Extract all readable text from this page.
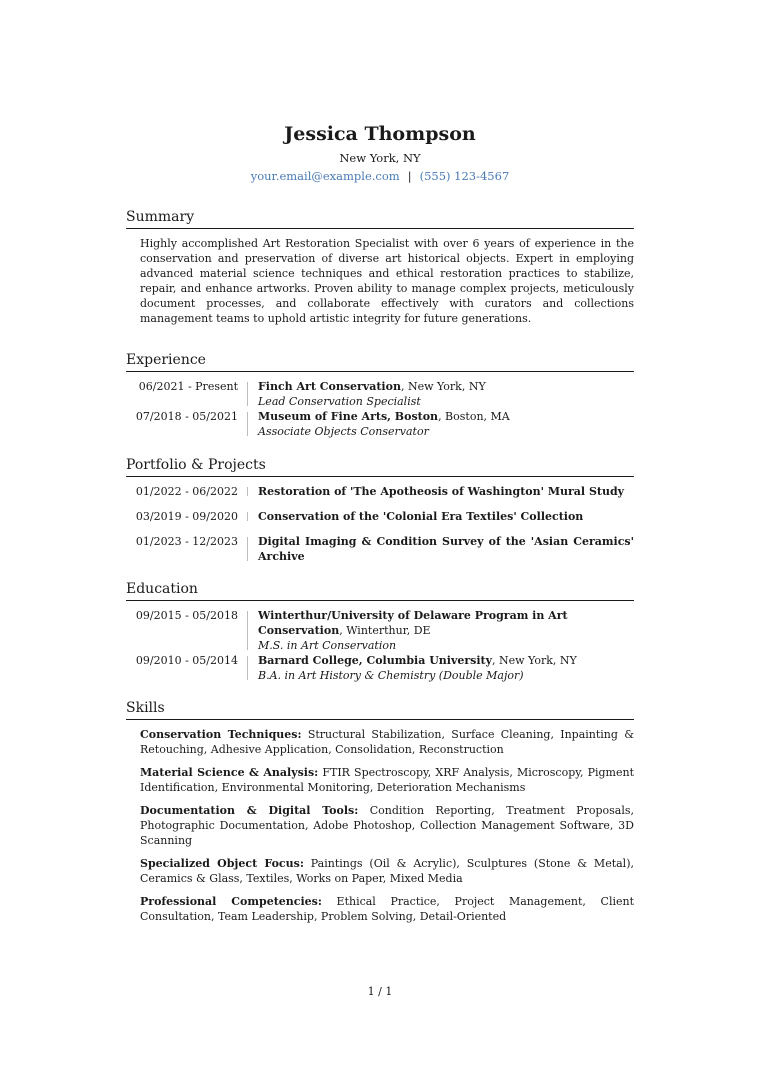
Jessica Thompson
New York, NY
your.email@example.com | (555) 123-4567
Summary
Highly accomplished Art Restoration Specialist with over 6 years of experience in the conservation and preservation of diverse art historical objects. Expert in employing advanced material science techniques and ethical restoration practices to stabilize, repair, and enhance artworks. Proven ability to manage complex projects, meticulously document processes, and collaborate effectively with curators and collections management teams to uphold artistic integrity for future generations.
Experience
06/2021 - Present	Finch Art Conservation, New York, NY
Lead Conservation Specialist
07/2018 - 05/2021	Museum of Fine Arts, Boston, Boston, MA
Associate Objects Conservator
Portfolio & Projects
01/2022 - 06/2022	Restoration of 'The Apotheosis of Washington' Mural Study
03/2019 - 09/2020	Conservation of the 'Colonial Era Textiles' Collection
01/2023 - 12/2023	Digital Imaging & Condition Survey of the 'Asian Ceramics' Archive
Education
09/2015 - 05/2018	Winterthur/University of Delaware Program in Art Conservation, Winterthur, DE
M.S. in Art Conservation
09/2010 - 05/2014	Barnard College, Columbia University, New York, NY
B.A. in Art History & Chemistry (Double Major)
Skills
Conservation Techniques: Structural Stabilization, Surface Cleaning, Inpainting & Retouching, Adhesive Application, Consolidation, Reconstruction
Material Science & Analysis: FTIR Spectroscopy, XRF Analysis, Microscopy, Pigment Identification, Environmental Monitoring, Deterioration Mechanisms
Documentation & Digital Tools: Condition Reporting, Treatment Proposals, Photographic Documentation, Adobe Photoshop, Collection Management Software, 3D Scanning
Specialized Object Focus: Paintings (Oil & Acrylic), Sculptures (Stone & Metal), Ceramics & Glass, Textiles, Works on Paper, Mixed Media
Professional Competencies: Ethical Practice, Project Management, Client Consultation, Team Leadership, Problem Solving, Detail-Oriented
1 / 1
